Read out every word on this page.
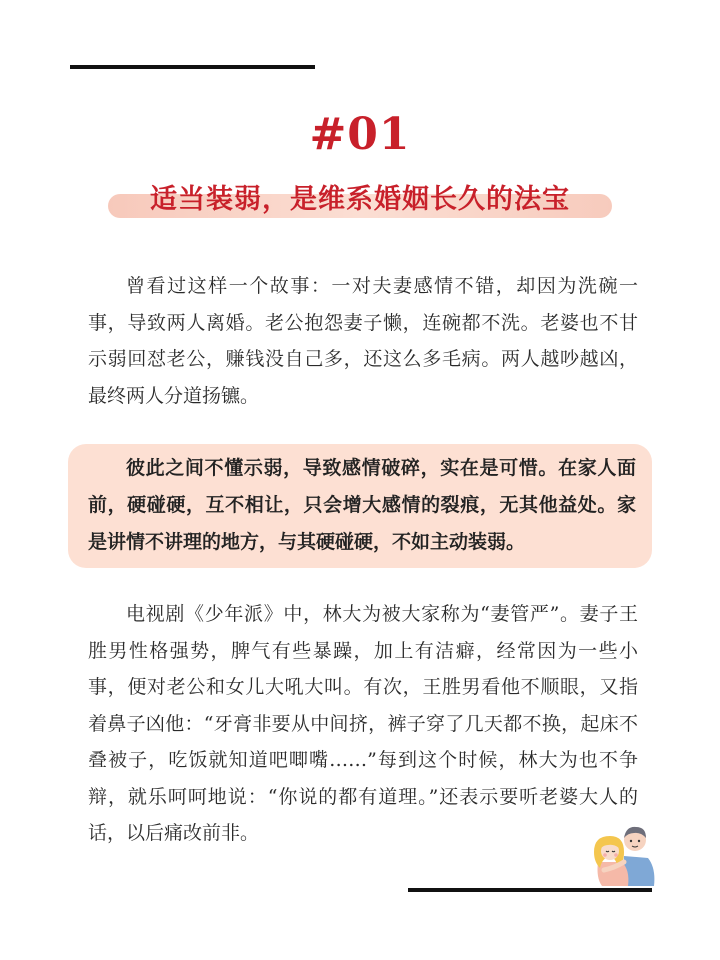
#01
适当装弱，是维系婚姻长久的法宝

曾看过这样一个故事：一对夫妻感情不错，却因为洗碗一事，导致两人离婚。老公抱怨妻子懒，连碗都不洗。老婆也不甘示弱回怼老公，赚钱没自己多，还这么多毛病。两人越吵越凶，最终两人分道扬镳。

彼此之间不懂示弱，导致感情破碎，实在是可惜。在家人面前，硬碰硬，互不相让，只会增大感情的裂痕，无其他益处。家是讲情不讲理的地方，与其硬碰硬，不如主动装弱。

电视剧《少年派》中，林大为被大家称为“妻管严”。妻子王胜男性格强势，脾气有些暴躁，加上有洁癖，经常因为一些小事，便对老公和女儿大吼大叫。有次，王胜男看他不顺眼，又指着鼻子凶他：“牙膏非要从中间挤，裤子穿了几天都不换，起床不叠被子，吃饭就知道吧唧嘴……”每到这个时候，林大为也不争辩，就乐呵呵地说：“你说的都有道理。”还表示要听老婆大人的话，以后痛改前非。
